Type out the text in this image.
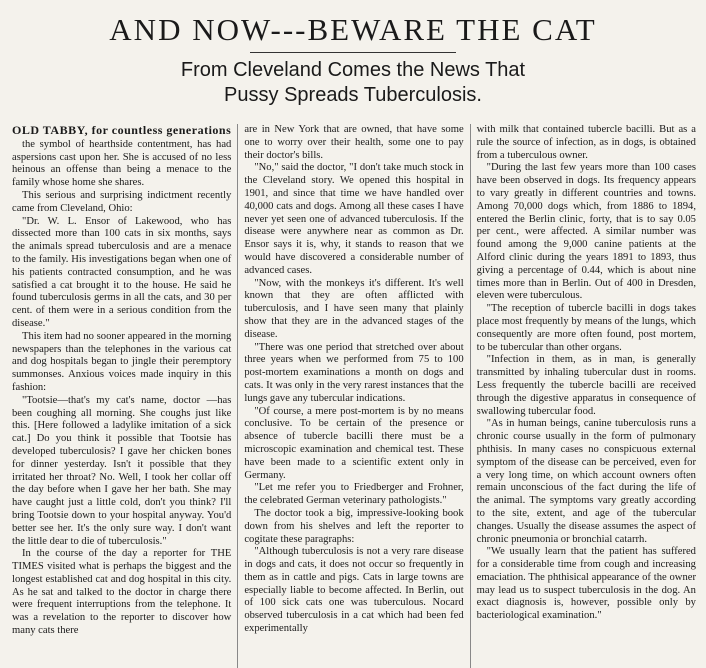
AND NOW---BEWARE THE CAT
From Cleveland Comes the News That
Pussy Spreads Tuberculosis.

OLD TABBY, for countless generations

the symbol of hearthside contentment, has had aspersions cast upon her. She is accused of no less heinous an offense than being a menace to the family whose home she shares.

This serious and surprising indictment recently came from Cleveland, Ohio:

"Dr. W. L. Ensor of Lakewood, who has dissected more than 100 cats in six months, says the animals spread tuberculosis and are a menace to the family. His investigations began when one of his patients contracted consumption, and he was satisfied a cat brought it to the house. He said he found tuberculosis germs in all the cats, and 30 per cent. of them were in a serious condition from the disease."

This item had no sooner appeared in the morning newspapers than the telephones in the various cat and dog hospitals began to jingle their peremptory summonses. Anxious voices made inquiry in this fashion:

"Tootsie—that's my cat's name, doctor —has been coughing all morning. She coughs just like this. [Here followed a ladylike imitation of a sick cat.] Do you think it possible that Tootsie has developed tuberculosis? I gave her chicken bones for dinner yesterday. Isn't it possible that they irritated her throat? No. Well, I took her collar off the day before when I gave her her bath. She may have caught just a little cold, don't you think? I'll bring Tootsie down to your hospital anyway. You'd better see her. It's the only sure way. I don't want the little dear to die of tuberculosis."

In the course of the day a reporter for THE TIMES visited what is perhaps the biggest and the longest established cat and dog hospital in this city. As he sat and talked to the doctor in charge there were frequent interruptions from the telephone. It was a revelation to the reporter to discover how many cats there

are in New York that are owned, that have some one to worry over their health, some one to pay their doctor's bills.

"No," said the doctor, "I don't take much stock in the Cleveland story. We opened this hospital in 1901, and since that time we have handled over 40,000 cats and dogs. Among all these cases I have never yet seen one of advanced tuberculosis. If the disease were anywhere near as common as Dr. Ensor says it is, why, it stands to reason that we would have discovered a considerable number of advanced cases.

"Now, with the monkeys it's different. It's well known that they are often afflicted with tuberculosis, and I have seen many that plainly show that they are in the advanced stages of the disease.

"There was one period that stretched over about three years when we performed from 75 to 100 post-mortem examinations a month on dogs and cats. It was only in the very rarest instances that the lungs gave any tubercular indications.

"Of course, a mere post-mortem is by no means conclusive. To be certain of the presence or absence of tubercle bacilli there must be a microscopic examination and chemical test. These have been made to a scientific extent only in Germany.

"Let me refer you to Friedberger and Frohner, the celebrated German veterinary pathologists."

The doctor took a big, impressive-looking book down from his shelves and left the reporter to cogitate these paragraphs:

"Although tuberculosis is not a very rare disease in dogs and cats, it does not occur so frequently in them as in cattle and pigs. Cats in large towns are especially liable to become affected. In Berlin, out of 100 sick cats one was tuberculous. Nocard observed tuberculosis in a cat which had been fed experimentally

with milk that contained tubercle bacilli. But as a rule the source of infection, as in dogs, is obtained from a tuberculous owner.

"During the last few years more than 100 cases have been observed in dogs. Its frequency appears to vary greatly in different countries and towns. Among 70,000 dogs which, from 1886 to 1894, entered the Berlin clinic, forty, that is to say 0.05 per cent., were affected. A similar number was found among the 9,000 canine patients at the Alford clinic during the years 1891 to 1893, thus giving a percentage of 0.44, which is about nine times more than in Berlin. Out of 400 in Dresden, eleven were tuberculous.

"The reception of tubercle bacilli in dogs takes place most frequently by means of the lungs, which consequently are more often found, post mortem, to be tubercular than other organs.

"Infection in them, as in man, is generally transmitted by inhaling tubercular dust in rooms. Less frequently the tubercle bacilli are received through the digestive apparatus in consequence of swallowing tubercular food.

"As in human beings, canine tuberculosis runs a chronic course usually in the form of pulmonary phthisis. In many cases no conspicuous external symptom of the disease can be perceived, even for a very long time, on which account owners often remain unconscious of the fact during the life of the animal. The symptoms vary greatly according to the site, extent, and age of the tubercular changes. Usually the disease assumes the aspect of chronic pneumonia or bronchial catarrh.

"We usually learn that the patient has suffered for a considerable time from cough and increasing emaciation. The phthisical appearance of the owner may lead us to suspect tuberculosis in the dog. An exact diagnosis is, however, possible only by bacteriological examination."
